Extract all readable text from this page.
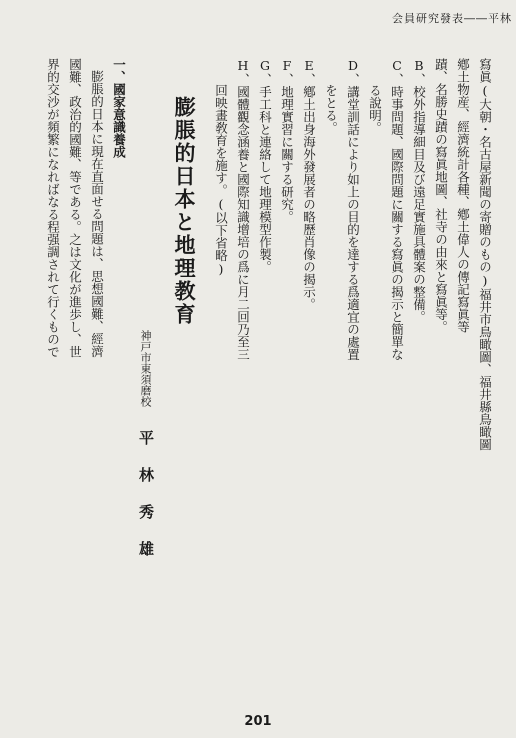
会員研究發表――平林
寫眞(大朝・名古屋新聞の寄贈のもの)福井市鳥瞰圖、福井縣鳥瞰圖
鄕土物産、經濟統計各種、鄕土偉人の傳記寫眞等
蹟、名勝史蹟の寫眞地圖、社寺の由來と寫眞等。
B、校外指導細目及び遠足實施具體案の整備。
C、時事問題、國際問題に關する寫眞の揭示と簡單な
る說明。
D、講堂訓話により如上の目的を達する爲適宜の處置
をとる。
E、鄕土出身海外發展者の略歷肖像の揭示。
F、地理實習に關する研究。
G、手工科と連絡して地理模型作製。
H、國體觀念涵養と國際知識增培の爲に月二回乃至三
回映畫敎育を施す。(以下省略)
膨脹的日本と地理教育
神戸市東須磨校
平 林 秀 雄
一、國家意識養成
膨脹的日本に現在直面せる問題は、思想國難、經濟
國難、政治的國難、等である。之は文化が進歩し、世
界的交沙が頻繁になればなる程强調されて行くもので
201
